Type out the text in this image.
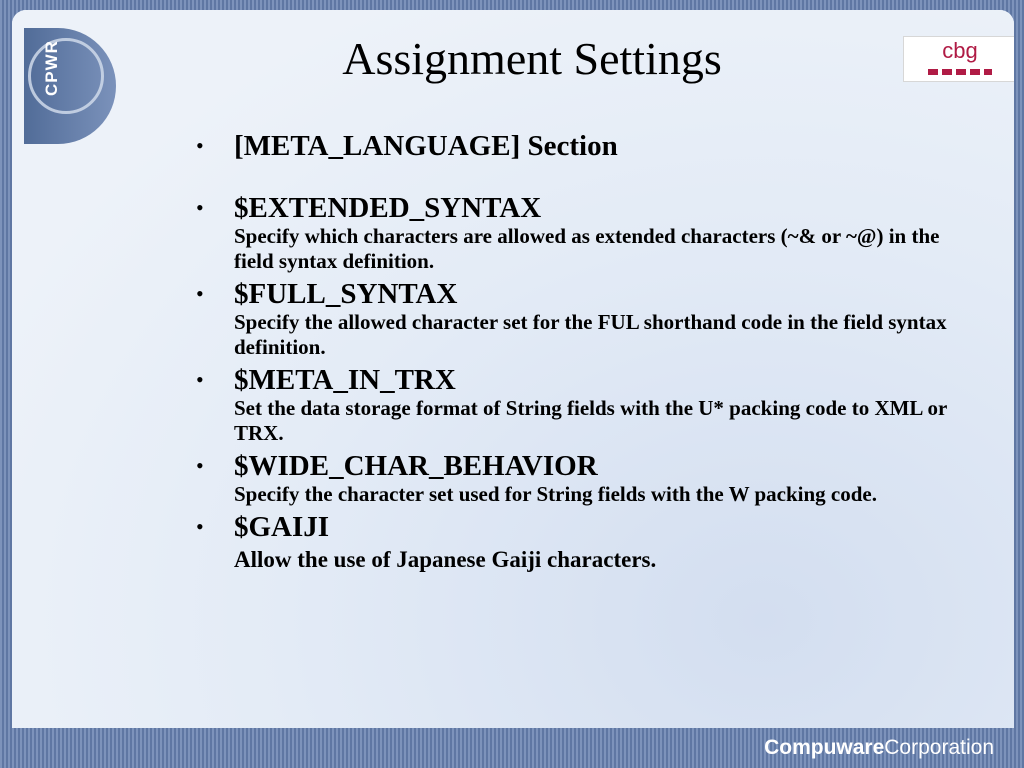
CPWR	Assignment Settings	cbg
• [META_LANGUAGE] Section
• $EXTENDED_SYNTAX
Specify which characters are allowed as extended characters (~& or ~@) in the field syntax definition.
• $FULL_SYNTAX
Specify the allowed character set for the FUL shorthand code in the field syntax definition.
• $META_IN_TRX
Set the data storage format of String fields with the U* packing code to XML or TRX.
• $WIDE_CHAR_BEHAVIOR
Specify the character set used for String fields with the W packing code.
• $GAIJI
Allow the use of Japanese Gaiji characters.
CompuwareCorporation
